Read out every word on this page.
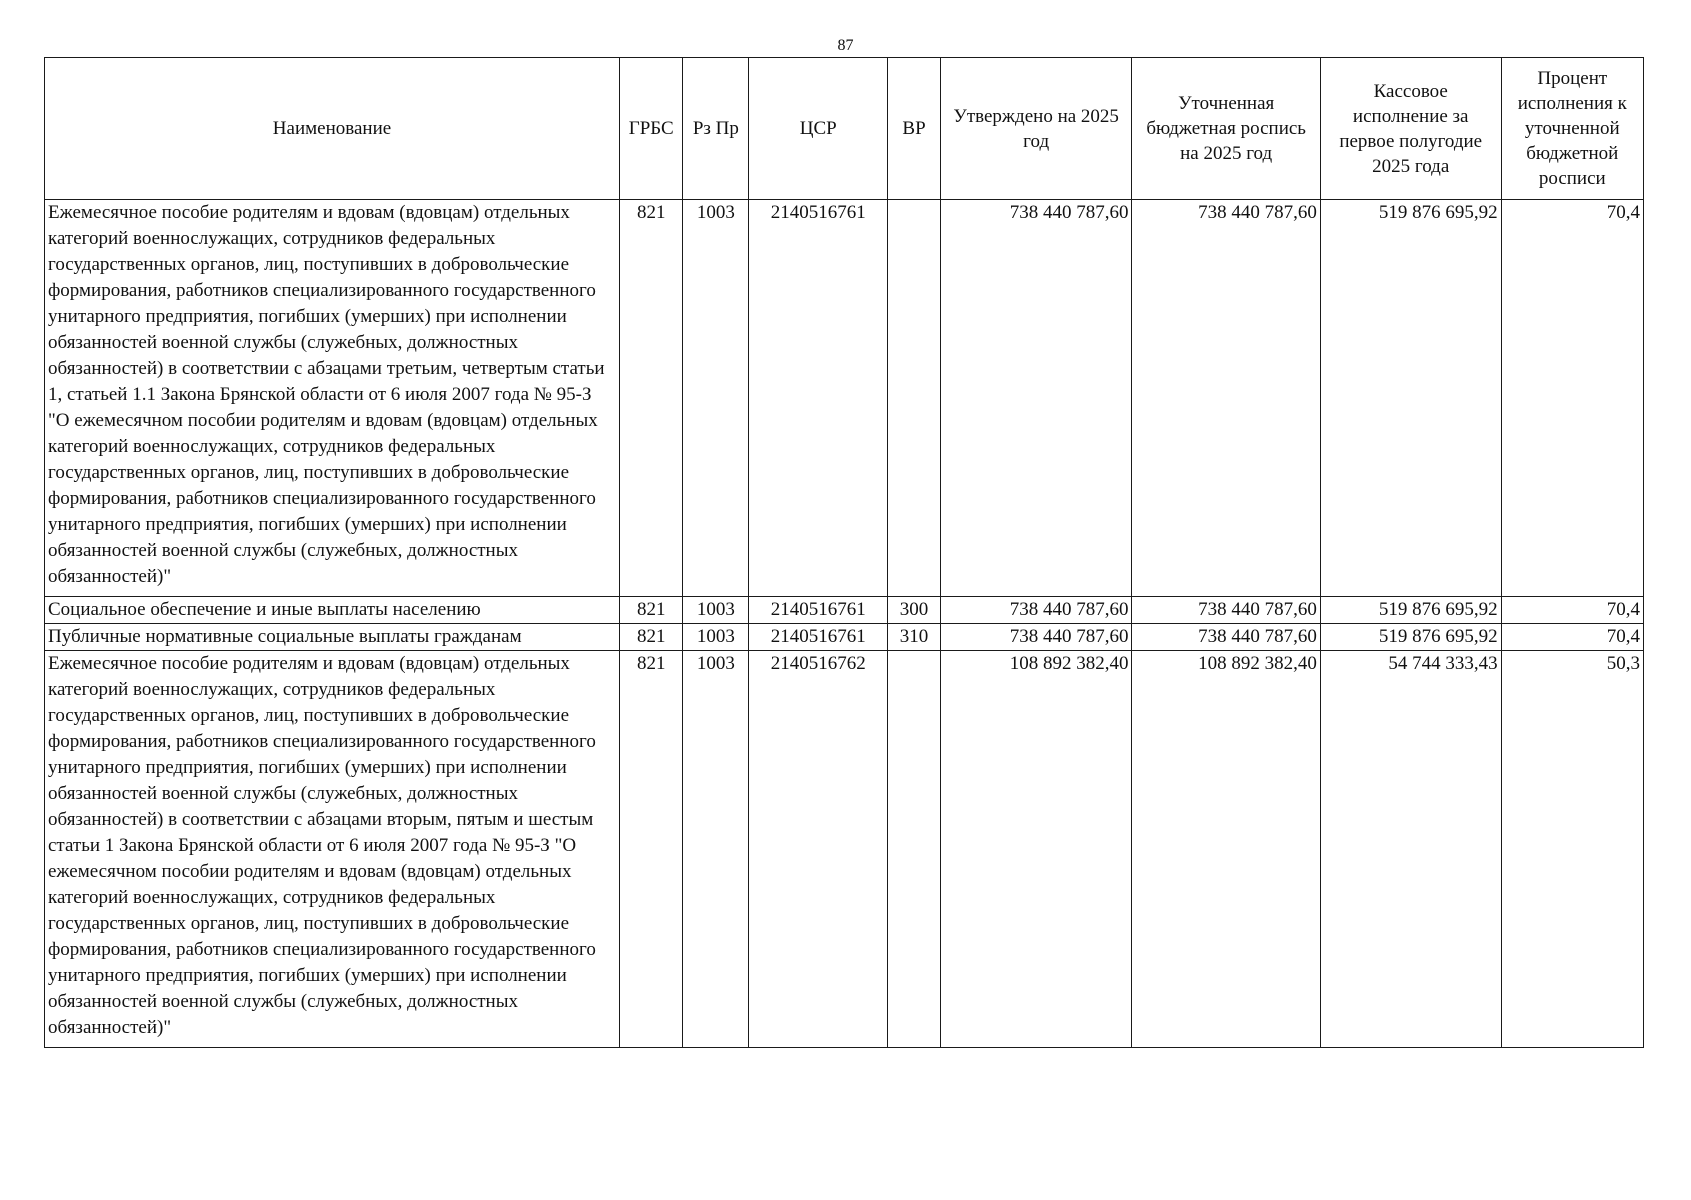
87
Наименование	ГРБС	Рз Пр	ЦСР	ВР	Утверждено на 2025 год	Уточненная бюджетная роспись на 2025 год	Кассовое исполнение за первое полугодие 2025 года	Процент исполнения к уточненной бюджетной росписи
Ежемесячное пособие родителям и вдовам (вдовцам) отдельных категорий военнослужащих, сотрудников федеральных государственных органов, лиц, поступивших в добровольческие формирования, работников специализированного государственного унитарного предприятия, погибших (умерших) при исполнении обязанностей военной службы (служебных, должностных обязанностей) в соответствии с абзацами третьим, четвертым статьи 1, статьей 1.1 Закона Брянской области от 6 июля 2007 года № 95-З "О ежемесячном пособии родителям и вдовам (вдовцам) отдельных категорий военнослужащих, сотрудников федеральных государственных органов, лиц, поступивших в добровольческие формирования, работников специализированного государственного унитарного предприятия, погибших (умерших) при исполнении обязанностей военной службы (служебных, должностных обязанностей)"	821	1003	2140516761		738 440 787,60	738 440 787,60	519 876 695,92	70,4
Социальное обеспечение и иные выплаты населению	821	1003	2140516761	300	738 440 787,60	738 440 787,60	519 876 695,92	70,4
Публичные нормативные социальные выплаты гражданам	821	1003	2140516761	310	738 440 787,60	738 440 787,60	519 876 695,92	70,4
Ежемесячное пособие родителям и вдовам (вдовцам) отдельных категорий военнослужащих, сотрудников федеральных государственных органов, лиц, поступивших в добровольческие формирования, работников специализированного государственного унитарного предприятия, погибших (умерших) при исполнении обязанностей военной службы (служебных, должностных обязанностей) в соответствии с абзацами вторым, пятым и шестым статьи 1 Закона Брянской области от 6 июля 2007 года № 95-З "О ежемесячном пособии родителям и вдовам (вдовцам) отдельных категорий военнослужащих, сотрудников федеральных государственных органов, лиц, поступивших в добровольческие формирования, работников специализированного государственного унитарного предприятия, погибших (умерших) при исполнении обязанностей военной службы (служебных, должностных обязанностей)"	821	1003	2140516762		108 892 382,40	108 892 382,40	54 744 333,43	50,3
